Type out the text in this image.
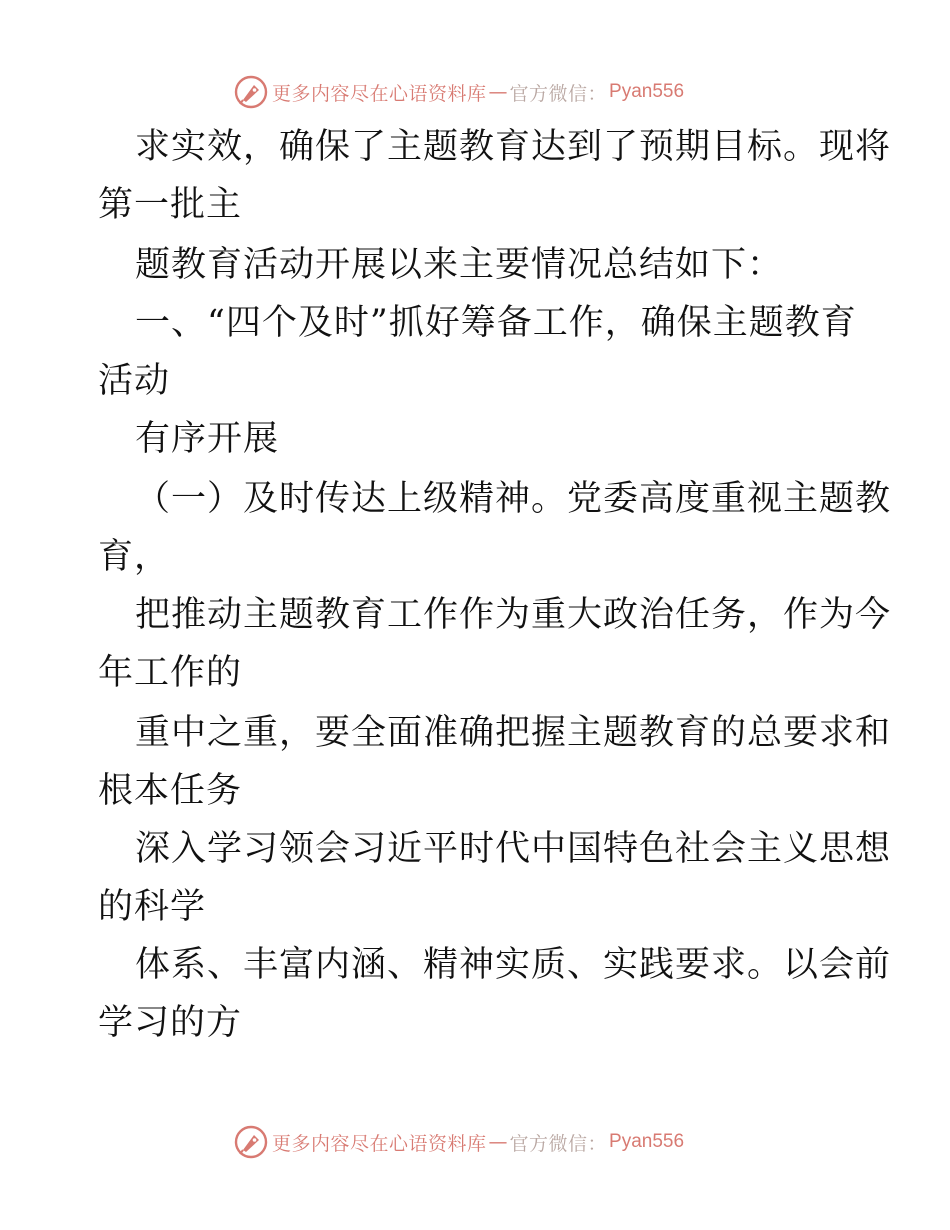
更多内容尽在心语资料库 — 官方微信： Pyan556
求实效，确保了主题教育达到了预期目标。现将
第一批主
题教育活动开展以来主要情况总结如下：
一、“四个及时”抓好筹备工作，确保主题教育
活动
有序开展
（一）及时传达上级精神。党委高度重视主题教
育，
把推动主题教育工作作为重大政治任务，作为今
年工作的
重中之重，要全面准确把握主题教育的总要求和
根本任务
深入学习领会习近平时代中国特色社会主义思想
的科学
体系、丰富内涵、精神实质、实践要求。以会前
学习的方
更多内容尽在心语资料库 — 官方微信： Pyan556
